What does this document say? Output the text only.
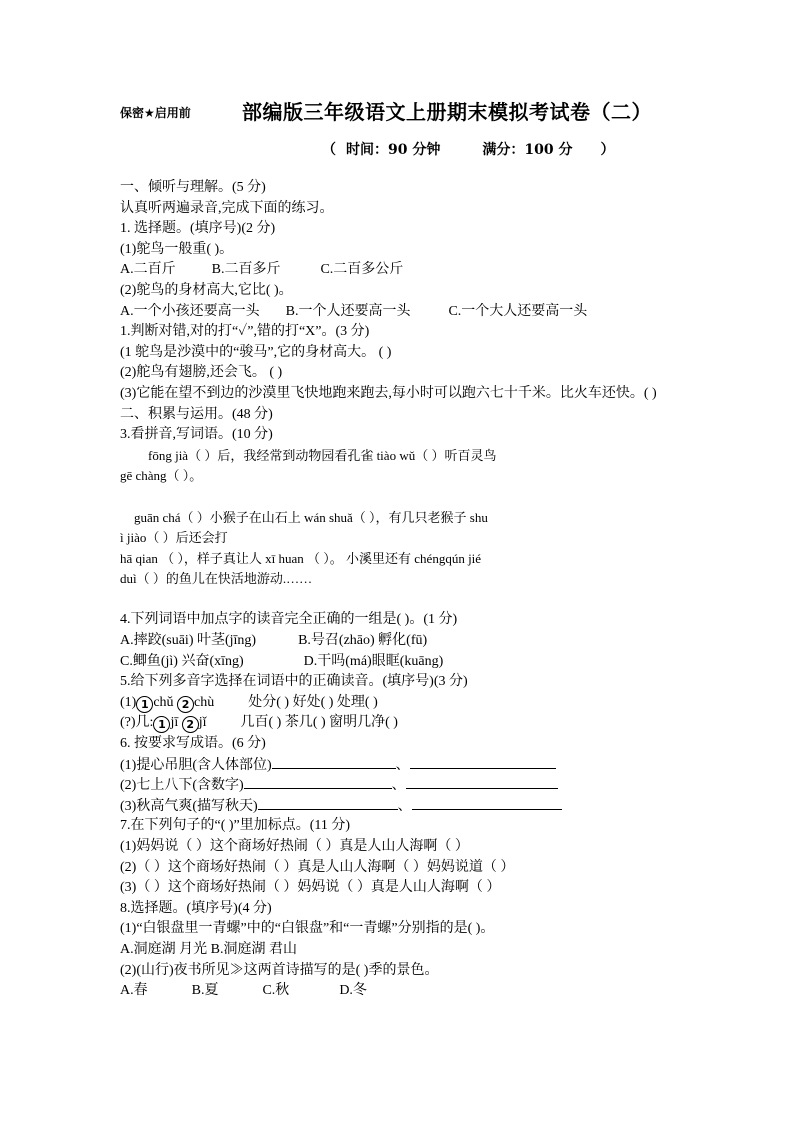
保密★启用前	部编版三年级语文上册期末模拟考试卷（二）
（ 时间：90 分钟	满分：100 分 ）
一、倾听与理解。(5 分)
认真听两遍录音,完成下面的练习。
1. 选择题。(填序号)(2 分)
(1)鸵鸟一般重( )。
A.二百斤	B.二百多斤	C.二百多公斤
(2)鸵鸟的身材高大,它比( )。
A.一个小孩还要高一头 B.一个人还要高一头	C.一个大人还要高一头
1.判断对错,对的打“✓”,错的打“X”。(3 分)
(1 鸵鸟是沙漠中的“骏马”,它的身材高大。 ( )
(2)舵鸟有翅膀,还会飞。 ( )
(3)它能在望不到边的沙漠里飞快地跑来跑去,每小时可以跑六七十千米。比火车还快。( )
二、积累与运用。(48 分)
3.看拼音,写词语。(10 分)
fōng jià（ ）后，我经常到动物园看孔雀 tiào wǔ（ ）听百灵鸟
gē chàng（ ）。
guān chá（ ）小猴子在山石上 wán shuǎ（ ），有几只老猴子 shu
ì jiào（ ）后还会打
hā qian （ ），样子真让人 xī huan （ ）。 小溪里还有 chéngqún jié
duì（ ）的鱼儿在快活地游动.……
4.下列词语中加点字的读音完全正确的一组是( )。(1 分)
A.摔跤(suāi) 叶茎(jīng)	B.号召(zhāo) 孵化(fū)
C.鲫鱼(jì) 兴奋(xīng)	D.干吗(má)眼眶(kuāng)
5.给下列多音字选择在词语中的正确读音。(填序号)(3 分)
(1) 1 chǔ 2 chù 处分( ) 好处( ) 处理( )
(?)几: 1 jī 2 jǐ 几百( ) 茶几( ) 窗明几净( )
6. 按要求写成语。(6 分)
(1)提心吊胆(含人体部位)	、
(2)七上八下(含数字)	、
(3)秋高气爽(描写秋天)	、
7.在下列句子的“( )”里加标点。(11 分)
(1)妈妈说（ ）这个商场好热闹（ ）真是人山人海啊（ ）
(2)（ ）这个商场好热闹（ ）真是人山人海啊（ ）妈妈说道（ ）
(3)（ ）这个商场好热闹（ ）妈妈说（ ）真是人山人海啊（ ）
8.选择题。(填序号)(4 分)
(1)“白银盘里一青螺”中的“白银盘”和“一青螺”分别指的是( )。
A.洞庭湖 月光 B.洞庭湖 君山
(2)(山行)夜书所见≫这两首诗描写的是( )季的景色。
A.春	B.夏	C.秋	D.冬
